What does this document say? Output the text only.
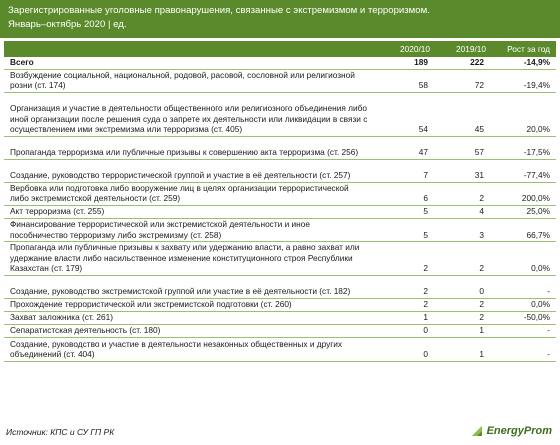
Зарегистрированные уголовные правонарушения, связанные с экстремизмом и терроризмом.
Январь–октябрь 2020 | ед.
	2020/10	2019/10	Рост за год
Всего	189	222	-14,9%
Возбуждение социальной, национальной, родовой, расовой, сословной или религиозной розни (ст. 174)	58	72	-19,4%
Организация и участие в деятельности общественного или религиозного объединения либо иной организации после решения суда о запрете их деятельности или ликвидации в связи с осуществлением ими экстремизма или терроризма (ст. 405)	54	45	20,0%
Пропаганда терроризма или публичные призывы к совершению акта терроризма (ст. 256)	47	57	-17,5%
Создание, руководство террористической группой и участие в её деятельности (ст. 257)	7	31	-77,4%
Вербовка или подготовка либо вооружение лиц в целях организации террористической либо экстремистской деятельности (ст. 259)	6	2	200,0%
Акт терроризма (ст. 255)	5	4	25,0%
Финансирование террористической или экстремистской деятельности и иное пособничество терроризму либо экстремизму (ст. 258)	5	3	66,7%
Пропаганда или публичные призывы к захвату или удержанию власти, а равно захват или удержание власти либо насильственное изменение конституционного строя Республики Казахстан (ст. 179)	2	2	0,0%
Создание, руководство экстремистской группой или участие в её деятельности (ст. 182)	2	0	-
Прохождение террористической или экстремистской подготовки (ст. 260)	2	2	0,0%
Захват заложника (ст. 261)	1	2	-50,0%
Сепаратистская деятельность (ст. 180)	0	1	-
Создание, руководство и участие в деятельности незаконных общественных и других объединений (ст. 404)	0	1	-
Источник: КПС и СУ ГП РК	EnergyProm
